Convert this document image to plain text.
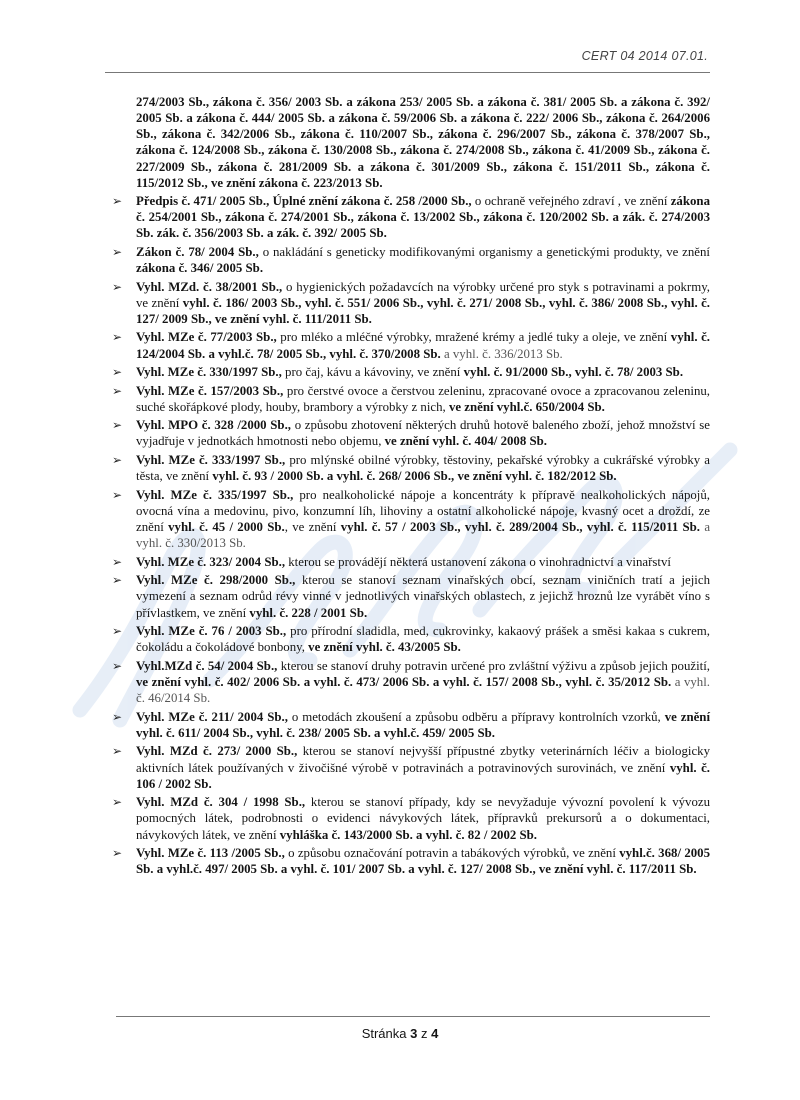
CERT 04 2014 07.01.

274/2003 Sb., zákona č. 356/ 2003 Sb. a zákona 253/ 2005 Sb. a zákona č. 381/ 2005 Sb. a zákona č. 392/ 2005 Sb. a zákona č. 444/ 2005 Sb. a zákona č. 59/2006 Sb. a zákona č. 222/ 2006 Sb., zákona č. 264/2006 Sb., zákona č. 342/2006 Sb., zákona č. 110/2007 Sb., zákona č. 296/2007 Sb., zákona č. 378/2007 Sb., zákona č. 124/2008 Sb., zákona č. 130/2008 Sb., zákona č. 274/2008 Sb., zákona č. 41/2009 Sb., zákona č. 227/2009 Sb., zákona č. 281/2009 Sb. a zákona č. 301/2009 Sb., zákona č. 151/2011 Sb., zákona č. 115/2012 Sb., ve znění zákona č. 223/2013 Sb.

➢ Předpis č. 471/ 2005 Sb., Úplné znění zákona č. 258 /2000 Sb., o ochraně veřejného zdraví , ve znění zákona č. 254/2001 Sb., zákona č. 274/2001 Sb., zákona č. 13/2002 Sb., zákona č. 120/2002 Sb. a zák. č. 274/2003 Sb. zák. č. 356/2003 Sb. a zák. č. 392/ 2005 Sb.
➢ Zákon č. 78/ 2004 Sb., o nakládání s geneticky modifikovanými organismy a genetickými produkty, ve znění zákona č. 346/ 2005 Sb.
➢ Vyhl. MZd. č. 38/2001 Sb., o hygienických požadavcích na výrobky určené pro styk s potravinami a pokrmy, ve znění vyhl. č. 186/ 2003 Sb., vyhl. č. 551/ 2006 Sb., vyhl. č. 271/ 2008 Sb., vyhl. č. 386/ 2008 Sb., vyhl. č. 127/ 2009 Sb., ve znění vyhl. č. 111/2011 Sb.
➢ Vyhl. MZe č. 77/2003 Sb., pro mléko a mléčné výrobky, mražené krémy a jedlé tuky a oleje, ve znění vyhl. č. 124/2004 Sb. a vyhl.č. 78/ 2005 Sb., vyhl. č. 370/2008 Sb. a vyhl. č. 336/2013 Sb.
➢ Vyhl. MZe č. 330/1997 Sb., pro čaj, kávu a kávoviny, ve znění vyhl. č. 91/2000 Sb., vyhl. č. 78/ 2003 Sb.
➢ Vyhl. MZe č. 157/2003 Sb., pro čerstvé ovoce a čerstvou zeleninu, zpracované ovoce a zpracovanou zeleninu, suché skořápkové plody, houby, brambory a výrobky z nich, ve znění vyhl.č. 650/2004 Sb.
➢ Vyhl. MPO č. 328 /2000 Sb., o způsobu zhotovení některých druhů hotově baleného zboží, jehož množství se vyjadřuje v jednotkách hmotnosti nebo objemu, ve znění vyhl. č. 404/ 2008 Sb.
➢ Vyhl. MZe č. 333/1997 Sb., pro mlýnské obilné výrobky, těstoviny, pekařské výrobky a cukrářské výrobky a těsta, ve znění vyhl. č. 93 / 2000 Sb. a vyhl. č. 268/ 2006 Sb., ve znění vyhl. č. 182/2012 Sb.
➢ Vyhl. MZe č. 335/1997 Sb., pro nealkoholické nápoje a koncentráty k přípravě nealkoholických nápojů, ovocná vína a medovinu, pivo, konzumní líh, lihoviny a ostatní alkoholické nápoje, kvasný ocet a droždí, ze znění vyhl. č. 45 / 2000 Sb., ve znění vyhl. č. 57 / 2003 Sb., vyhl. č. 289/2004 Sb., vyhl. č. 115/2011 Sb. a vyhl. č. 330/2013 Sb.
➢ Vyhl. MZe č. 323/ 2004 Sb., kterou se provádějí některá ustanovení zákona o vinohradnictví a vinařství
➢ Vyhl. MZe č. 298/2000 Sb., kterou se stanoví seznam vinařských obcí, seznam viničních tratí a jejich vymezení a seznam odrůd révy vinné v jednotlivých vinařských oblastech, z jejichž hroznů lze vyrábět víno s přívlastkem, ve znění vyhl. č. 228 / 2001 Sb.
➢ Vyhl. MZe č. 76 / 2003 Sb., pro přírodní sladidla, med, cukrovinky, kakaový prášek a směsi kakaa s cukrem, čokoládu a čokoládové bonbony, ve znění vyhl. č. 43/2005 Sb.
➢ Vyhl.MZd č. 54/ 2004 Sb., kterou se stanoví druhy potravin určené pro zvláštní výživu a způsob jejich použití, ve znění vyhl. č. 402/ 2006 Sb. a vyhl. č. 473/ 2006 Sb. a vyhl. č. 157/ 2008 Sb., vyhl. č. 35/2012 Sb. a vyhl. č. 46/2014 Sb.
➢ Vyhl. MZe č. 211/ 2004 Sb., o metodách zkoušení a způsobu odběru a přípravy kontrolních vzorků, ve znění vyhl. č. 611/ 2004 Sb., vyhl. č. 238/ 2005 Sb. a vyhl.č. 459/ 2005 Sb.
➢ Vyhl. MZd č. 273/ 2000 Sb., kterou se stanoví nejvyšší přípustné zbytky veterinárních léčiv a biologicky aktivních látek používaných v živočišné výrobě v potravinách a potravinových surovinách, ve znění vyhl. č. 106 / 2002 Sb.
➢ Vyhl. MZd č. 304 / 1998 Sb., kterou se stanoví případy, kdy se nevyžaduje vývozní povolení k vývozu pomocných látek, podrobnosti o evidenci návykových látek, přípravků prekursorů a o dokumentaci, návykových látek, ve znění vyhláška č. 143/2000 Sb. a vyhl. č. 82 / 2002 Sb.
➢ Vyhl. MZe č. 113 /2005 Sb., o způsobu označování potravin a tabákových výrobků, ve znění vyhl.č. 368/ 2005 Sb. a vyhl.č. 497/ 2005 Sb. a vyhl. č. 101/ 2007 Sb. a vyhl. č. 127/ 2008 Sb., ve znění vyhl. č. 117/2011 Sb.
Stránka 3 z 4
